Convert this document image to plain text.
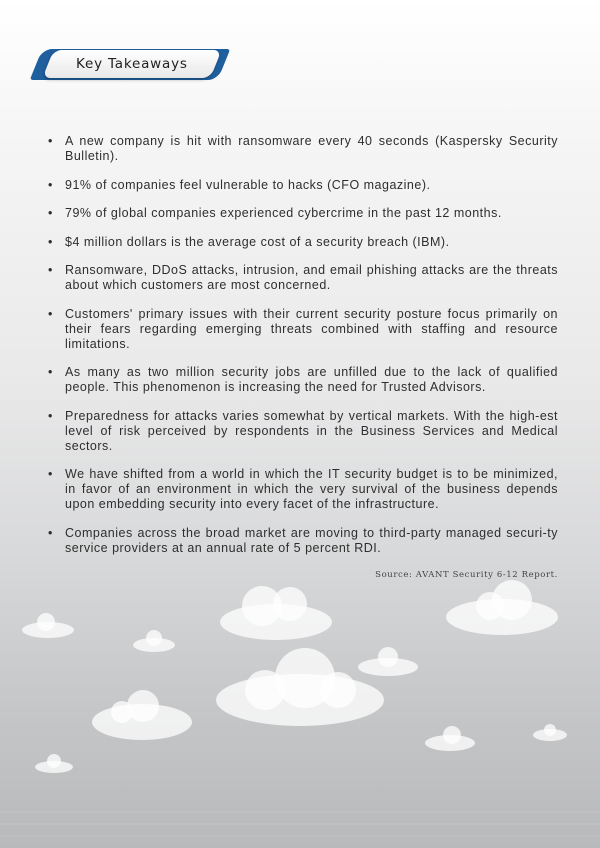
Key Takeaways
• A new company is hit with ransomware every 40 seconds (Kaspersky Security Bulletin).
• 91% of companies feel vulnerable to hacks (CFO magazine).
• 79% of global companies experienced cybercrime in the past 12 months.
• $4 million dollars is the average cost of a security breach (IBM).
• Ransomware, DDoS attacks, intrusion, and email phishing attacks are the threats about which customers are most concerned.
• Customers' primary issues with their current security posture focus primarily on their fears regarding emerging threats combined with staffing and resource limitations.
• As many as two million security jobs are unfilled due to the lack of qualified people. This phenomenon is increasing the need for Trusted Advisors.
• Preparedness for attacks varies somewhat by vertical markets. With the high-est level of risk perceived by respondents in the Business Services and Medical sectors.
• We have shifted from a world in which the IT security budget is to be minimized, in favor of an environment in which the very survival of the business depends upon embedding security into every facet of the infrastructure.
• Companies across the broad market are moving to third-party managed securi-ty service providers at an annual rate of 5 percent RDI.
Source: AVANT Security 6-12 Report.
